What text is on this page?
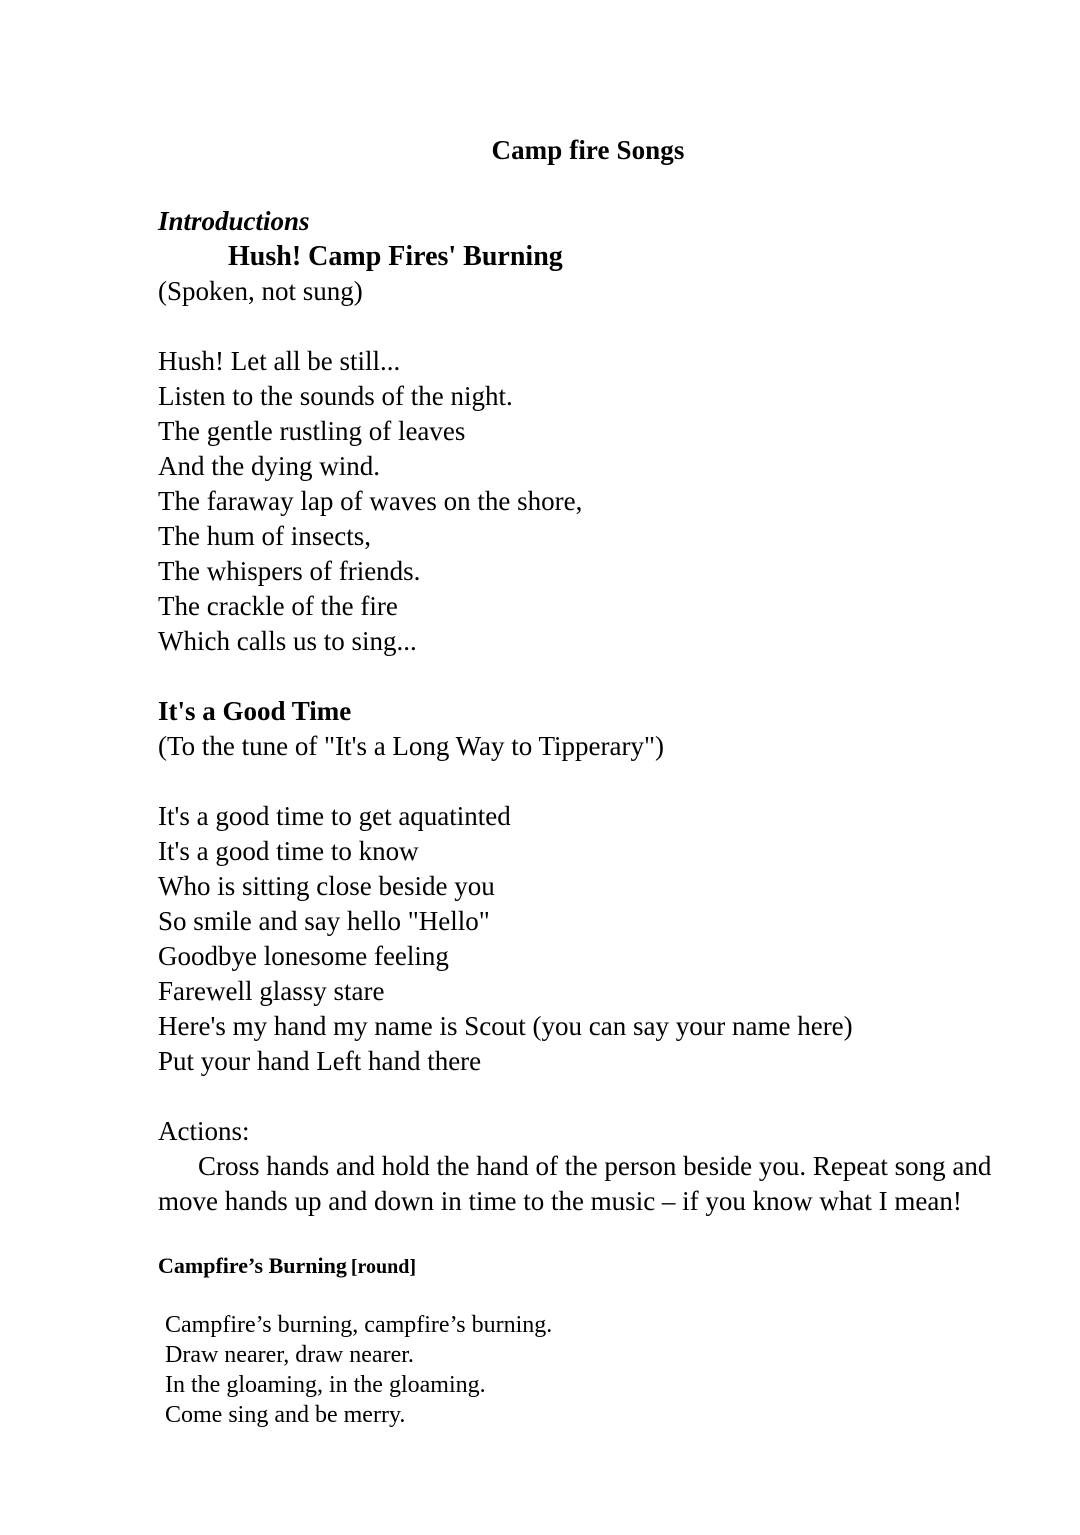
Camp fire Songs

Introductions

Hush! Camp Fires' Burning

(Spoken, not sung)

Hush! Let all be still...
Listen to the sounds of the night.
The gentle rustling of leaves
And the dying wind.
The faraway lap of waves on the shore,
The hum of insects,
The whispers of friends.
The crackle of the fire
Which calls us to sing...

It's a Good Time

(To the tune of "It's a Long Way to Tipperary")

It's a good time to get aquatinted
It's a good time to know
Who is sitting close beside you
So smile and say hello "Hello"
Goodbye lonesome feeling
Farewell glassy stare
Here's my hand my name is Scout (you can say your name here)
Put your hand Left hand there

Actions:

Cross hands and hold the hand of the person beside you. Repeat song and move hands up and down in time to the music – if you know what I mean!

Campfire’s Burning [round]

Campfire’s burning, campfire’s burning.
Draw nearer, draw nearer.
In the gloaming, in the gloaming.
Come sing and be merry.
